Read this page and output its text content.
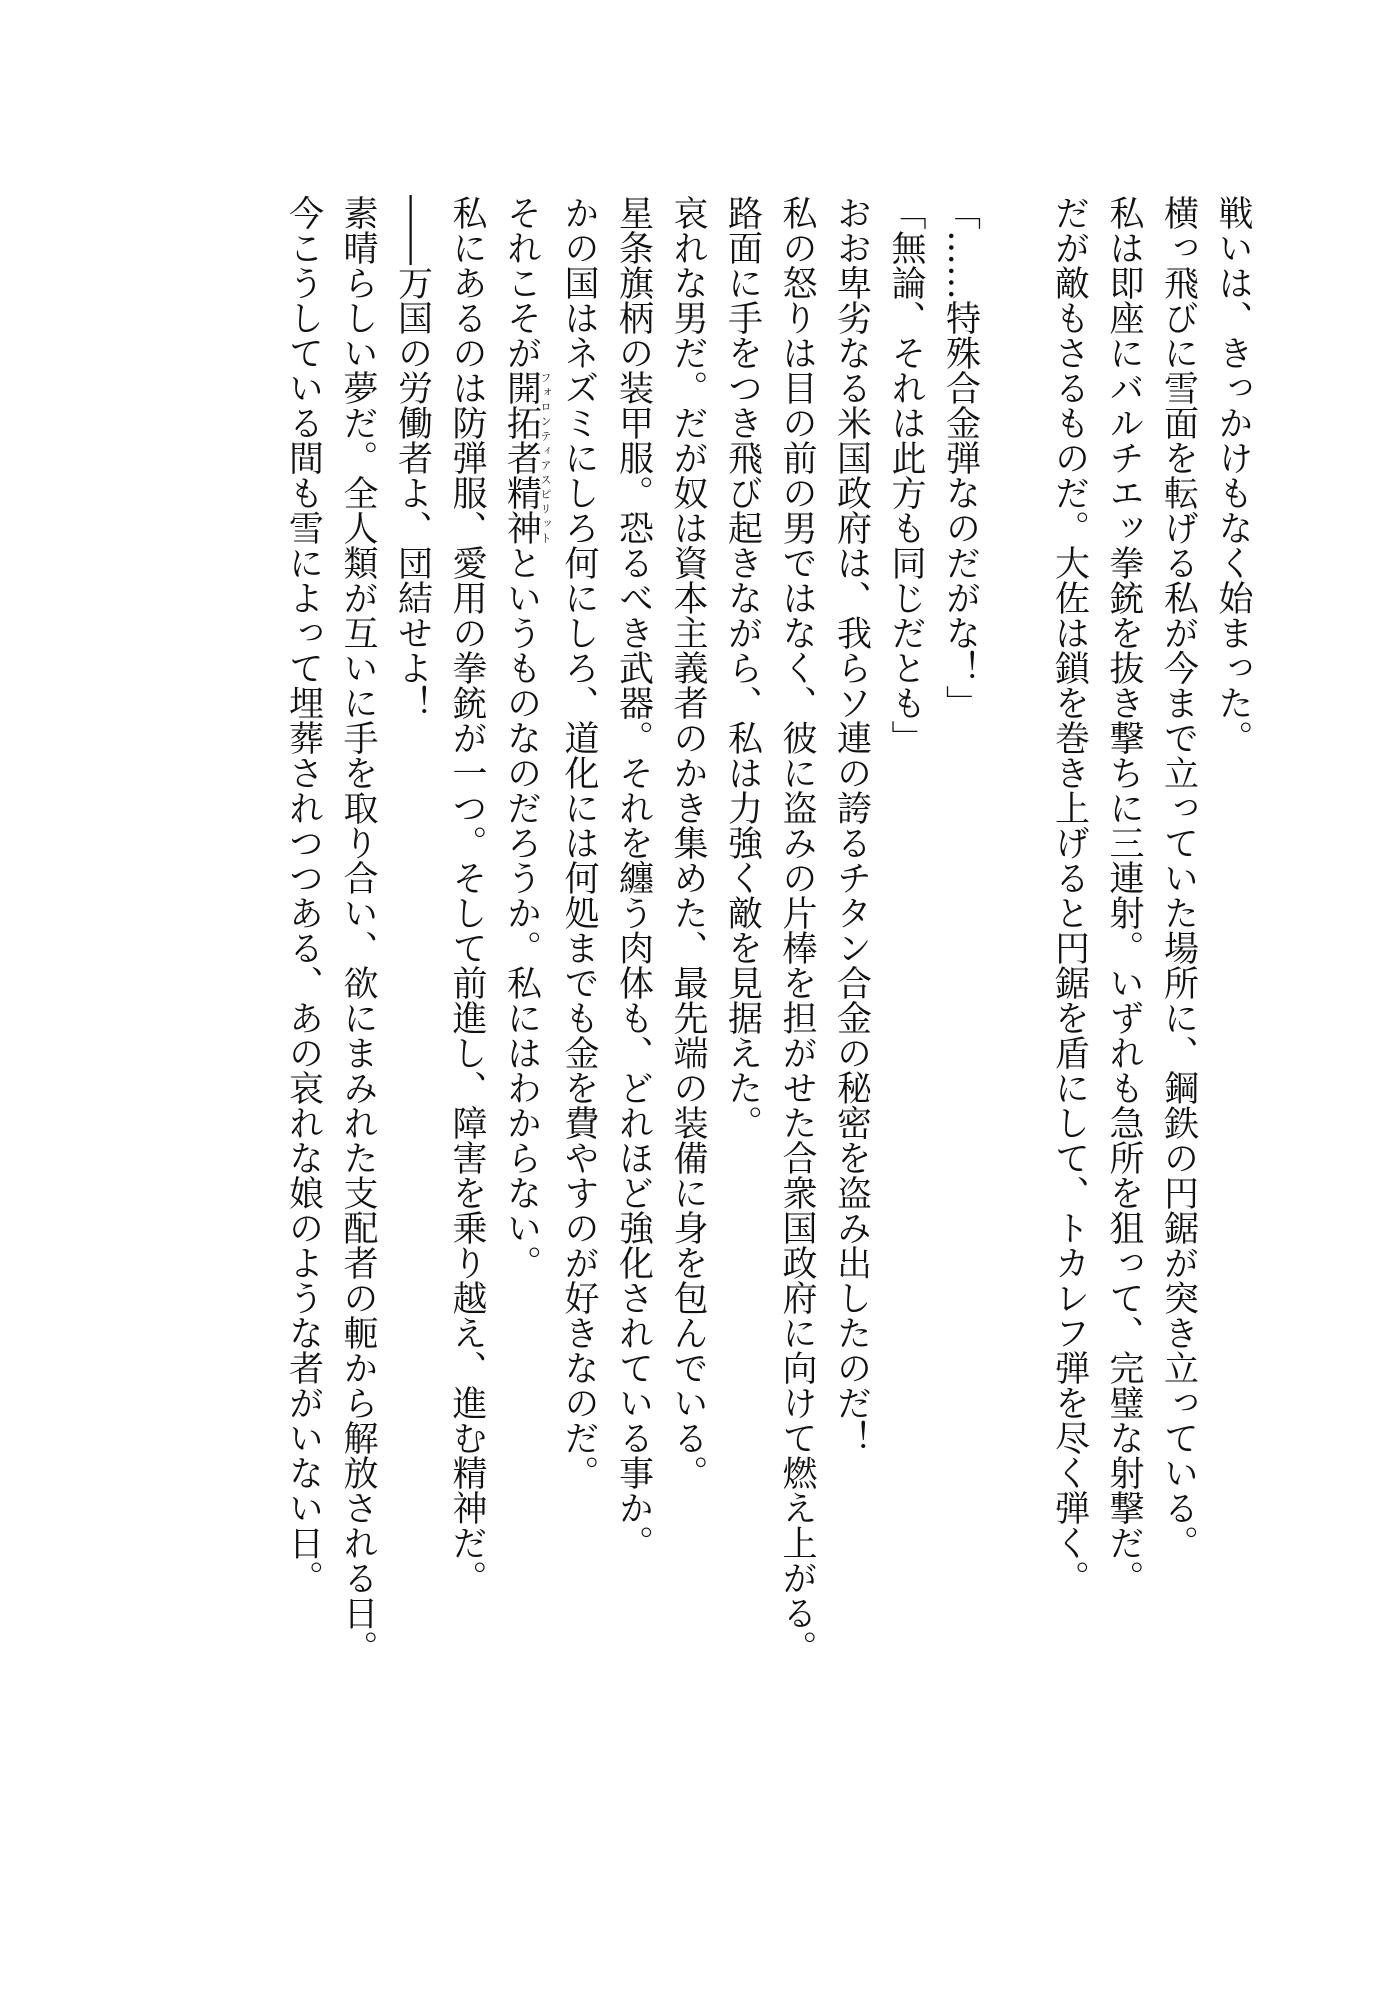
戦いは、きっかけもなく始まった。
横っ飛びに雪面を転げる私が今まで立っていた場所に、鋼鉄の円鋸が突き立っている。
私は即座にバルチエッ拳銃を抜き撃ちに三連射。いずれも急所を狙って、完璧な射撃だ。
だが敵もさるものだ。大佐は鎖を巻き上げると円鋸を盾にして、トカレフ弾を尽く弾く。

「……特殊合金弾なのだがな！」
「無論、それは此方も同じだとも」
おお卑劣なる米国政府は、我らソ連の誇るチタン合金の秘密を盗み出したのだ！
私の怒りは目の前の男ではなく、彼に盗みの片棒を担がせた合衆国政府に向けて燃え上がる。
路面に手をつき飛び起きながら、私は力強く敵を見据えた。
哀れな男だ。だが奴は資本主義者のかき集めた、最先端の装備に身を包んでいる。
星条旗柄の装甲服。恐るべき武器。それを纏う肉体も、どれほど強化されている事か。
かの国はネズミにしろ何にしろ、道化には何処までも金を費やすのが好きなのだ。
それこそが開拓者精神フォロンティアスピリットというものなのだろうか。私にはわからない。
私にあるのは防弾服、愛用の拳銃が一つ。そして前進し、障害を乗り越え、進む精神だ。
――万国の労働者よ、団結せよ！
素晴らしい夢だ。全人類が互いに手を取り合い、欲にまみれた支配者の軛から解放される日。
今こうしている間も雪によって埋葬されつつある、あの哀れな娘のような者がいない日。
